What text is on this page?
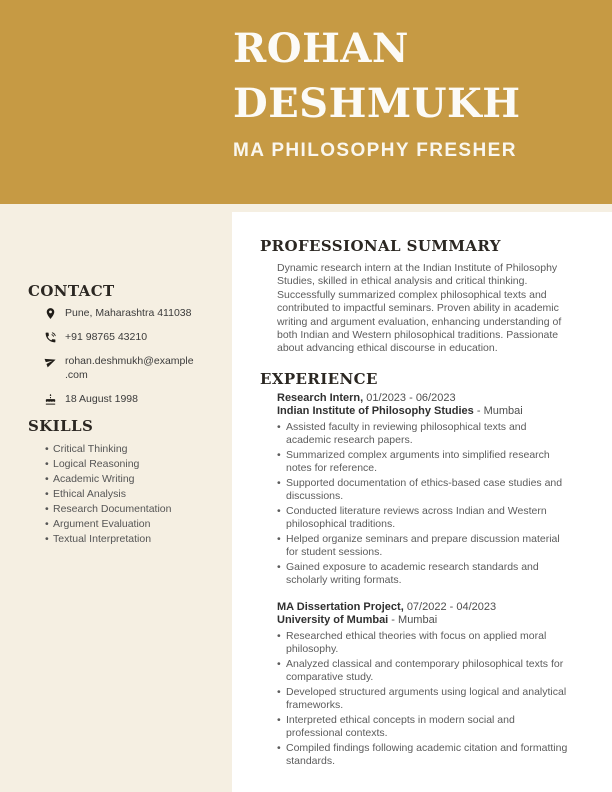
ROHAN
DESHMUKH
MA PHILOSOPHY FRESHER
CONTACT
Pune, Maharashtra 411038
+91 98765 43210
rohan.deshmukh@example.com
18 August 1998
SKILLS
• Critical Thinking
• Logical Reasoning
• Academic Writing
• Ethical Analysis
• Research Documentation
• Argument Evaluation
• Textual Interpretation
PROFESSIONAL SUMMARY

Dynamic research intern at the Indian Institute of Philosophy Studies, skilled in ethical analysis and critical thinking. Successfully summarized complex philosophical texts and contributed to impactful seminars. Proven ability in academic writing and argument evaluation, enhancing understanding of both Indian and Western philosophical traditions. Passionate about advancing ethical discourse in education.

EXPERIENCE
Research Intern, 01/2023 - 06/2023
Indian Institute of Philosophy Studies - Mumbai
• Assisted faculty in reviewing philosophical texts and academic research papers.
• Summarized complex arguments into simplified research notes for reference.
• Supported documentation of ethics-based case studies and discussions.
• Conducted literature reviews across Indian and Western philosophical traditions.
• Helped organize seminars and prepare discussion material for student sessions.
• Gained exposure to academic research standards and scholarly writing formats.
MA Dissertation Project, 07/2022 - 04/2023
University of Mumbai - Mumbai
• Researched ethical theories with focus on applied moral philosophy.
• Analyzed classical and contemporary philosophical texts for comparative study.
• Developed structured arguments using logical and analytical frameworks.
• Interpreted ethical concepts in modern social and professional contexts.
• Compiled findings following academic citation and formatting standards.
